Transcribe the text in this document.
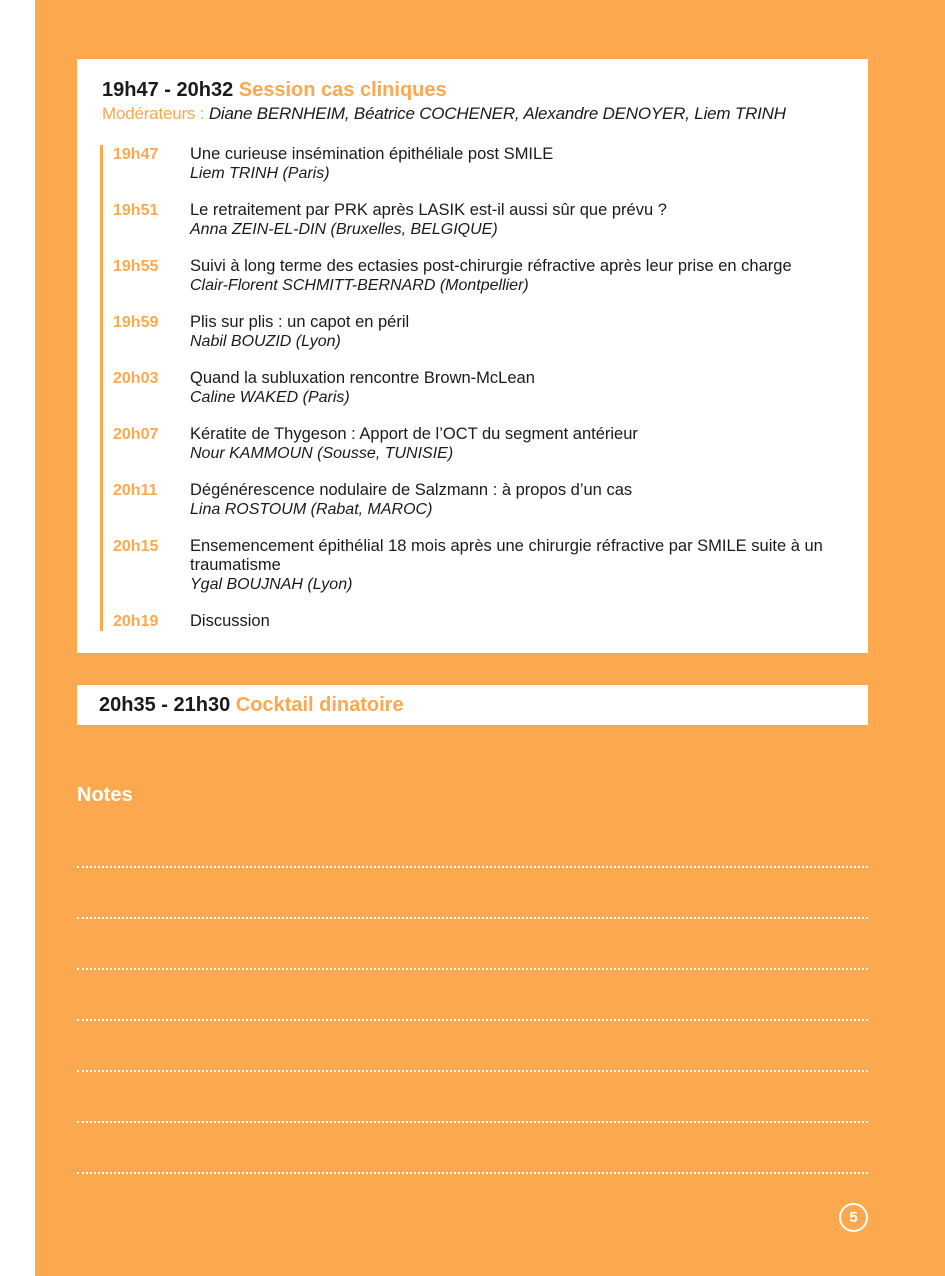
19h47 - 20h32 Session cas cliniques
Modérateurs : Diane BERNHEIM, Béatrice COCHENER, Alexandre DENOYER, Liem TRINH
19h47	Une curieuse insémination épithéliale post SMILE
Liem TRINH (Paris)
19h51	Le retraitement par PRK après LASIK est-il aussi sûr que prévu ?
Anna ZEIN-EL-DIN (Bruxelles, BELGIQUE)
19h55	Suivi à long terme des ectasies post-chirurgie réfractive après leur prise en charge
Clair-Florent SCHMITT-BERNARD (Montpellier)
19h59	Plis sur plis : un capot en péril
Nabil BOUZID (Lyon)
20h03	Quand la subluxation rencontre Brown-McLean
Caline WAKED (Paris)
20h07	Kératite de Thygeson : Apport de l’OCT du segment antérieur
Nour KAMMOUN (Sousse, TUNISIE)
20h11	Dégénérescence nodulaire de Salzmann : à propos d’un cas
Lina ROSTOUM (Rabat, MAROC)
20h15	Ensemencement épithélial 18 mois après une chirurgie réfractive par SMILE suite à un traumatisme
Ygal BOUJNAH (Lyon)
20h19	Discussion
20h35 - 21h30 Cocktail dinatoire
Notes
5
